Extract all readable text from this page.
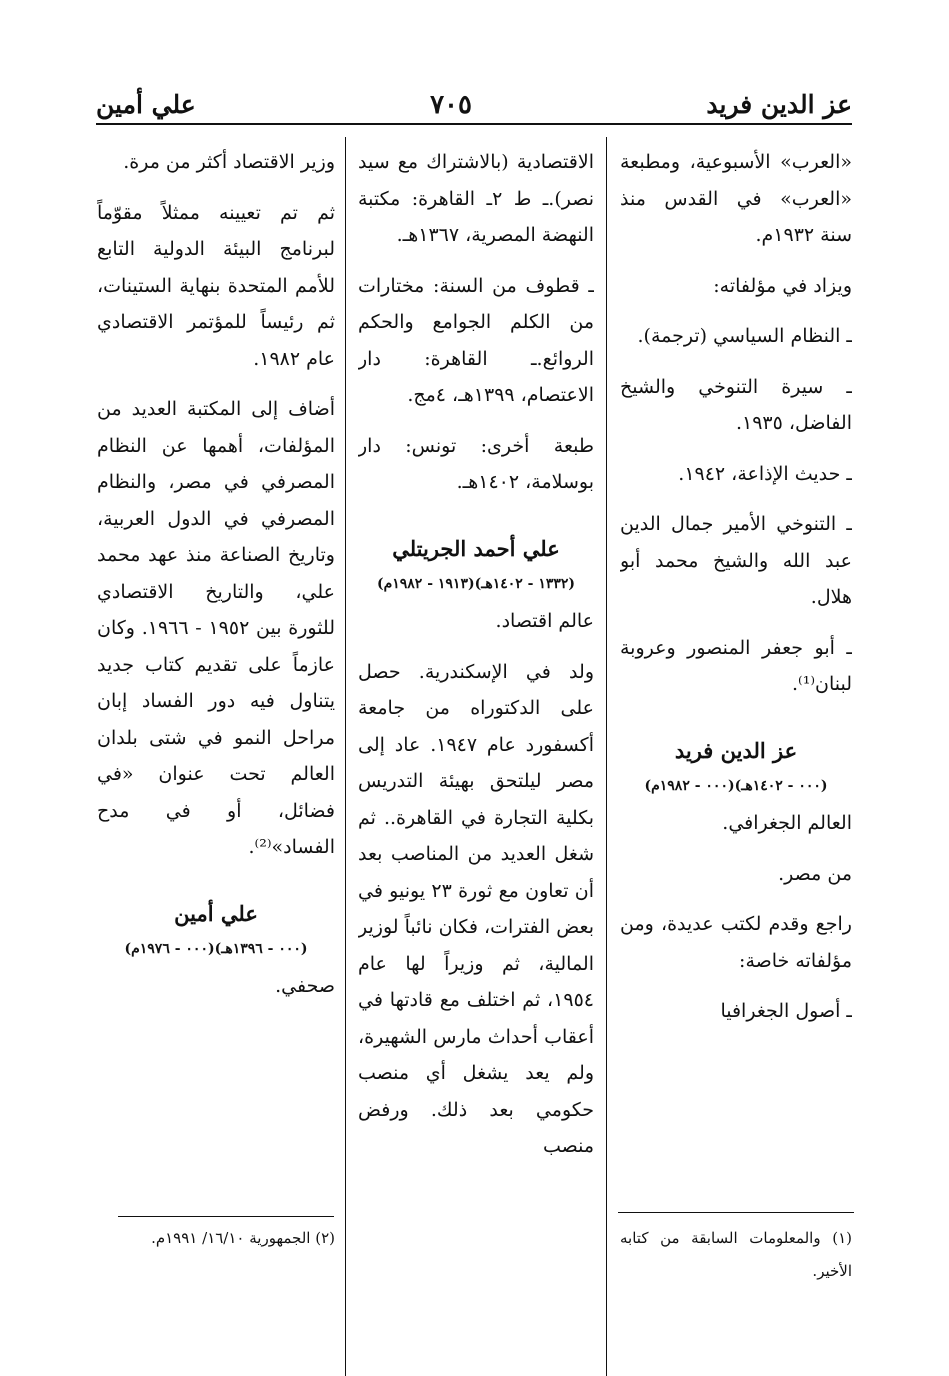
عز الدين فريد
٧٠٥
علي أمين

«العرب» الأسبوعية، ومطبعة «العرب» في القدس منذ سنة ١٩٣٢م.

ويزاد في مؤلفاته:

ـ النظام السياسي (ترجمة).

ـ سيرة التنوخي والشيخ الفاضل، ١٩٣٥.

ـ حديث الإذاعة، ١٩٤٢.

ـ التنوخي الأمير جمال الدين عبد الله والشيخ محمد أبو هلال.

ـ أبو جعفر المنصور وعروبة لبنان⁽¹⁾.

عز الدين فريد

(٠٠٠ - ١٤٠٢هـ)(٠٠٠ - ١٩٨٢م)

العالم الجغرافي.

من مصر.

راجع وقدم لكتب عديدة، ومن مؤلفاته خاصة:

ـ أصول الجغرافيا

الاقتصادية (بالاشتراك مع سيد نصر).ـ ط ٢ـ القاهرة: مكتبة النهضة المصرية، ١٣٦٧هـ.

ـ قطوف من السنة: مختارات من الكلم الجوامع والحكم الروائع.ـ القاهرة: دار الاعتصام، ١٣٩٩هـ، ٤مج.

طبعة أخرى: تونس: دار بوسلامة، ١٤٠٢هـ.

علي أحمد الجريتلي

(١٣٣٢ - ١٤٠٢هـ)(١٩١٣ - ١٩٨٢م)

عالم اقتصاد.

ولد في الإسكندرية. حصل على الدكتوراه من جامعة أكسفورد عام ١٩٤٧. عاد إلى مصر ليلتحق بهيئة التدريس بكلية التجارة في القاهرة.. ثم شغل العديد من المناصب بعد أن تعاون مع ثورة ٢٣ يونيو في بعض الفترات، فكان نائباً لوزير المالية، ثم وزيراً لها عام ١٩٥٤، ثم اختلف مع قادتها في أعقاب أحداث مارس الشهيرة، ولم يعد يشغل أي منصب حكومي بعد ذلك. ورفض منصب

وزير الاقتصاد أكثر من مرة.

ثم تم تعيينه ممثلاً مقوّماً لبرنامج البيئة الدولية التابع للأمم المتحدة بنهاية الستينات، ثم رئيساً للمؤتمر الاقتصادي عام ١٩٨٢.

أضاف إلى المكتبة العديد من المؤلفات، أهمها عن النظام المصرفي في مصر، والنظام المصرفي في الدول العربية، وتاريخ الصناعة منذ عهد محمد علي، والتاريخ الاقتصادي للثورة بين ١٩٥٢ - ١٩٦٦. وكان عازماً على تقديم كتاب جديد يتناول فيه دور الفساد إبان مراحل النمو في شتى بلدان العالم تحت عنوان «في فضائل، أو في مدح الفساد»⁽²⁾.

علي أمين

(٠٠٠ - ١٣٩٦هـ)(٠٠٠ - ١٩٧٦م)

صحفي.

(١) والمعلومات السابقة من كتابه الأخير.
(٢) الجمهورية ١٦/١٠/ ١٩٩١م.
